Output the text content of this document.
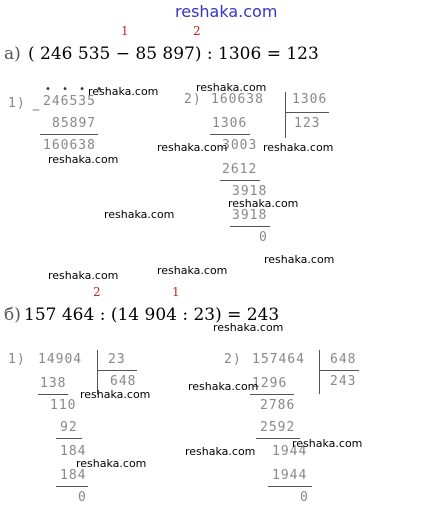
reshaka.com
1	2
а) ( 246 535 − 85 897) : 1306 = 123
1)
• • • •
−
246535
85897
160638
2) 160638 1306
123
1306
3003
2612
3918
3918
0
2	1
б) 157 464 : (14 904 : 23) = 243
1) 14904 23
648
138
110
92
184
184
0
2) 157464 648
243
1296
2786
2592
1944
1944
0
reshaka.com	reshaka.com
reshaka.com
reshaka.com	reshaka.com
reshaka.com
reshaka.com
reshaka.com
reshaka.com	reshaka.com
reshaka.com
reshaka.com
reshaka.com
reshaka.com
reshaka.com
reshaka.com
